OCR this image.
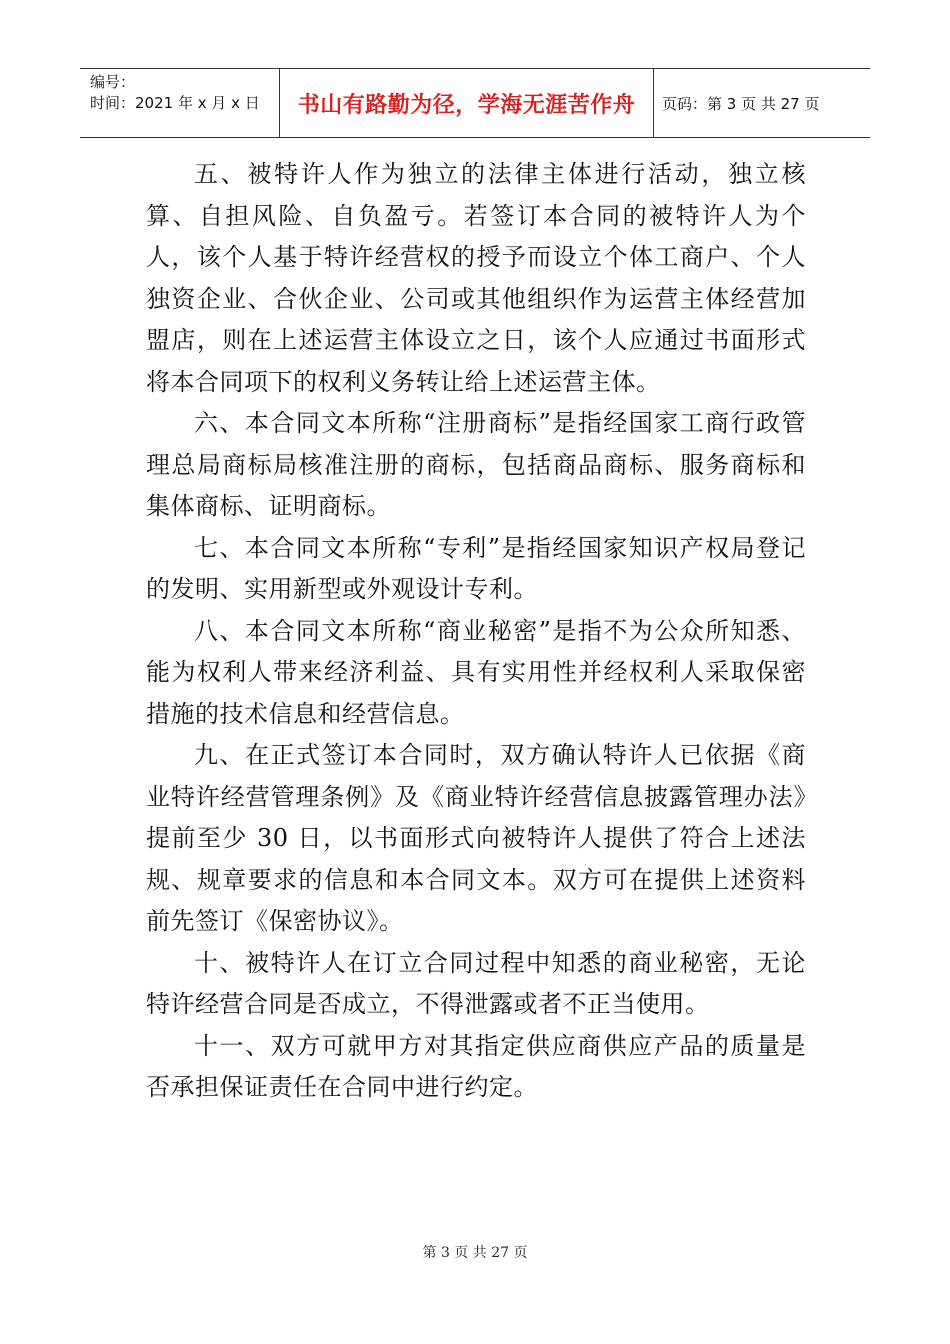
编号：
时间：2021 年 x 月 x 日	书山有路勤为径，学海无涯苦作舟	页码：第 3 页 共 27 页

五、被特许人作为独立的法律主体进行活动，独立核算、自担风险、自负盈亏。若签订本合同的被特许人为个人，该个人基于特许经营权的授予而设立个体工商户、个人独资企业、合伙企业、公司或其他组织作为运营主体经营加盟店，则在上述运营主体设立之日，该个人应通过书面形式将本合同项下的权利义务转让给上述运营主体。

六、本合同文本所称“注册商标”是指经国家工商行政管理总局商标局核准注册的商标，包括商品商标、服务商标和集体商标、证明商标。

七、本合同文本所称“专利”是指经国家知识产权局登记的发明、实用新型或外观设计专利。

八、本合同文本所称“商业秘密”是指不为公众所知悉、能为权利人带来经济利益、具有实用性并经权利人采取保密措施的技术信息和经营信息。

九、在正式签订本合同时，双方确认特许人已依据《商业特许经营管理条例》及《商业特许经营信息披露管理办法》提前至少 30 日，以书面形式向被特许人提供了符合上述法规、规章要求的信息和本合同文本。双方可在提供上述资料前先签订《保密协议》。

十、被特许人在订立合同过程中知悉的商业秘密，无论特许经营合同是否成立，不得泄露或者不正当使用。

十一、双方可就甲方对其指定供应商供应产品的质量是否承担保证责任在合同中进行约定。

第 3 页 共 27 页
